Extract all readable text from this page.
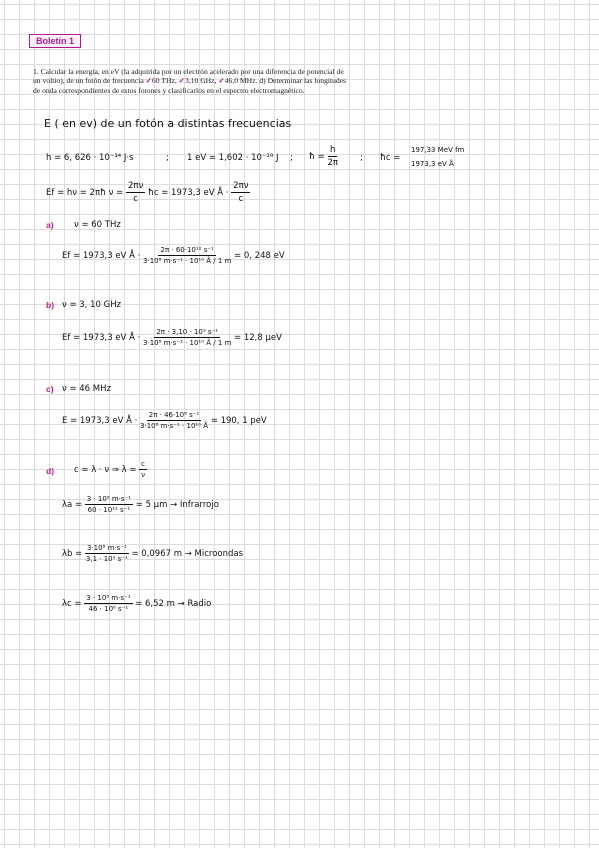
Boletín 1
1. Calcular la energía, en eV (la adquirida por un electrón acelerado por una diferencia de potencial de un voltio), de un fotón de frecuencia ✓60 THz, ✓3,10 GHz, ✓46,0 MHz. d) Determinar las longitudes de onda correspondientes de estos fotones y clasificarlos en el espectro electromagnético.
E ( en ev) de un fotón a distintas frecuencias
h = 6, 626 · 10⁻³⁴ J·s	; 1 eV = 1,602 · 10⁻¹⁹ J ; ħ = $\frac{h}{2\pi}$	; ħc =
197,33 MeV fm
1973,3 eV Å
Ef = hν = 2πħ $\nu = \frac{2\pi\nu}{c}$ ħc = 1973,3 eV Å · $\frac{2\pi\nu}{c}$
a) ν = 60 THz
Ef = 1973,3 eV Å · $\frac{\text{2π · 60·10¹² s⁻¹}}{\text{3·10⁸ m·s⁻¹ · 10¹⁰ Å / 1 m}} = 0$, 248 eV
b) ν = 3, 10 GHz
Ef = 1973,3 eV Å · $\frac{\text{2π · 3,10 · 10⁹ s⁻¹}}{\text{3·10⁸ m·s⁻¹ · 10¹⁰ Å / 1 m}} = 12,8$ μeV
c) ν = 46 MHz
E = 1973,3 eV Å · $\frac{\text{2π · 46·10⁶ s⁻¹}}{\text{3·10⁸ m·s⁻¹ · 10¹⁰ Å}} = 190$, 1 peV
d) c = λ · ν ⇒ $\lambda = \frac{c}{\nu}$
$\lambda a = \frac{\text{3 · 10⁸ m·s⁻¹}}{\text{60 · 10¹² s⁻¹}} = 5$ μm → Infrarrojo
$\lambda b = \frac{\text{3·10⁸ m·s⁻¹}}{\text{3,1 · 10⁹ s⁻¹}} = 0,0967$ m → Microondas
$\lambda c = \frac{\text{3 · 10⁸ m·s⁻¹}}{\text{46 · 10⁶ s⁻¹}} = 6,52$ m → Radio
